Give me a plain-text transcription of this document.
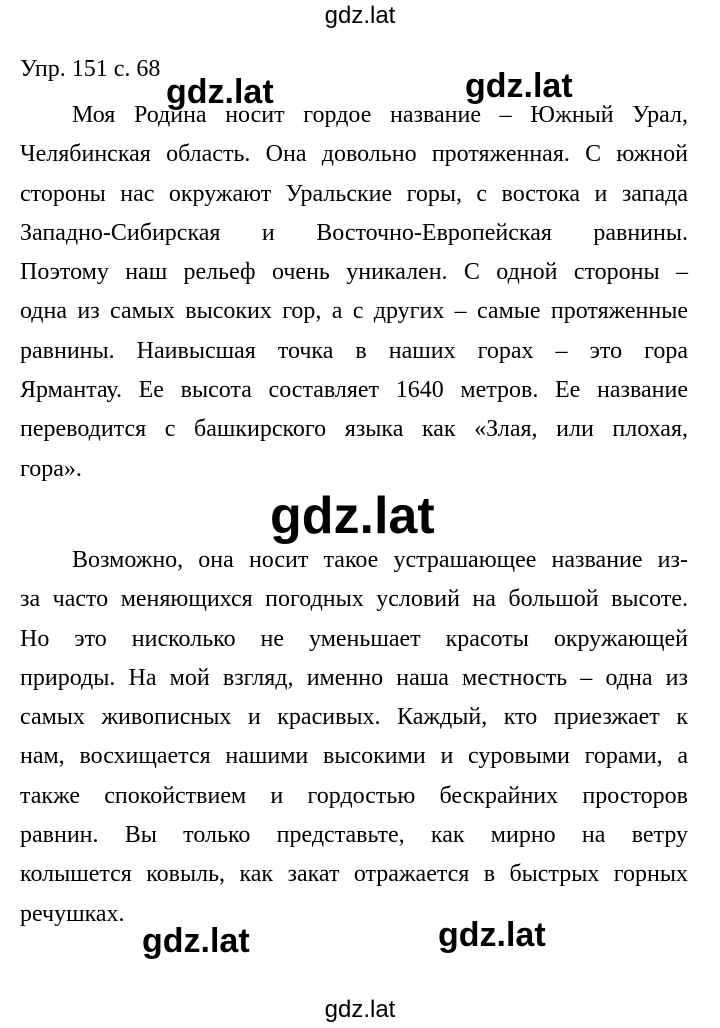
gdz.lat
Упр. 151 с. 68
Моя Родина носит гордое название – Южный Урал,
Челябинская область. Она довольно протяженная. С южной
стороны нас окружают Уральские горы, с востока и запада
Западно-Сибирская и Восточно-Европейская равнины.
Поэтому наш рельеф очень уникален. С одной стороны –
одна из самых высоких гор, а с других – самые протяженные
равнины. Наивысшая точка в наших горах – это гора
Ярмантау. Ее высота составляет 1640 метров. Ее название
переводится с башкирского языка как «Злая, или плохая,
гора».
Возможно, она носит такое устрашающее название из-
за часто меняющихся погодных условий на большой высоте.
Но это нисколько не уменьшает красоты окружающей
природы. На мой взгляд, именно наша местность – одна из
самых живописных и красивых. Каждый, кто приезжает к
нам, восхищается нашими высокими и суровыми горами, а
также спокойствием и гордостью бескрайних просторов
равнин. Вы только представьте, как мирно на ветру
колышется ковыль, как закат отражается в быстрых горных
речушках.
gdz.lat	gdz.lat
gdz.lat
gdz.lat	gdz.lat
gdz.lat
